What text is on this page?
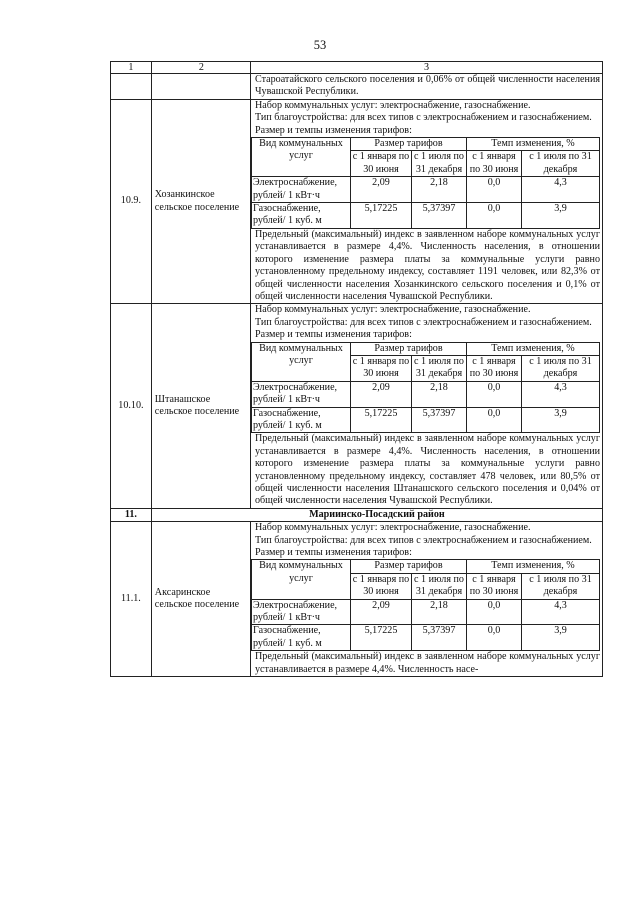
53
1	2	3
		Староатайского сельского поселения и 0,06% от общей численности населения Чувашской Республики.
10.9.	Хозанкинское сельское поселение	
Набор коммунальных услуг: электроснабжение, газоснабжение.
Тип благоустройства: для всех типов с электроснабжением и газоснабжением.
Размер и темпы изменения тарифов:
Вид коммунальных услуг	Размер тарифов	Темп изменения, %
с 1 января по 30 июня	с 1 июля по 31 декабря	с 1 января по 30 июня	с 1 июля по 31 декабря
Электроснабжение, рублей/ 1 кВт·ч	2,09	2,18	0,0	4,3
Газоснабжение, рублей/ 1 куб. м	5,17225	5,37397	0,0	3,9
Предельный (максимальный) индекс в заявленном наборе коммунальных услуг устанавливается в размере 4,4%. Численность населения, в отношении которого изменение размера платы за коммунальные услуги равно установленному предельному индексу, составляет 1191 человек, или 82,3% от общей численности населения Хозанкинского сельского поселения и 0,1% от общей численности населения Чувашской Республики.

10.10.	Штанашское сельское поселение	
Набор коммунальных услуг: электроснабжение, газоснабжение.
Тип благоустройства: для всех типов с электроснабжением и газоснабжением.
Размер и темпы изменения тарифов:
Вид коммунальных услуг	Размер тарифов	Темп изменения, %
с 1 января по 30 июня	с 1 июля по 31 декабря	с 1 января по 30 июня	с 1 июля по 31 декабря
Электроснабжение, рублей/ 1 кВт·ч	2,09	2,18	0,0	4,3
Газоснабжение, рублей/ 1 куб. м	5,17225	5,37397	0,0	3,9
Предельный (максимальный) индекс в заявленном наборе коммунальных услуг устанавливается в размере 4,4%. Численность населения, в отношении которого изменение размера платы за коммунальные услуги равно установленному предельному индексу, составляет 478 человек, или 80,5% от общей численности населения Штанашского сельского поселения и 0,04% от общей численности населения Чувашской Республики.

11.	Мариинско-Посадский район
11.1.	Аксаринское сельское поселение	
Набор коммунальных услуг: электроснабжение, газоснабжение.
Тип благоустройства: для всех типов с электроснабжением и газоснабжением.
Размер и темпы изменения тарифов:
Вид коммунальных услуг	Размер тарифов	Темп изменения, %
с 1 января по 30 июня	с 1 июля по 31 декабря	с 1 января по 30 июня	с 1 июля по 31 декабря
Электроснабжение, рублей/ 1 кВт·ч	2,09	2,18	0,0	4,3
Газоснабжение, рублей/ 1 куб. м	5,17225	5,37397	0,0	3,9
Предельный (максимальный) индекс в заявленном наборе коммунальных услуг устанавливается в размере 4,4%. Численность насе-
